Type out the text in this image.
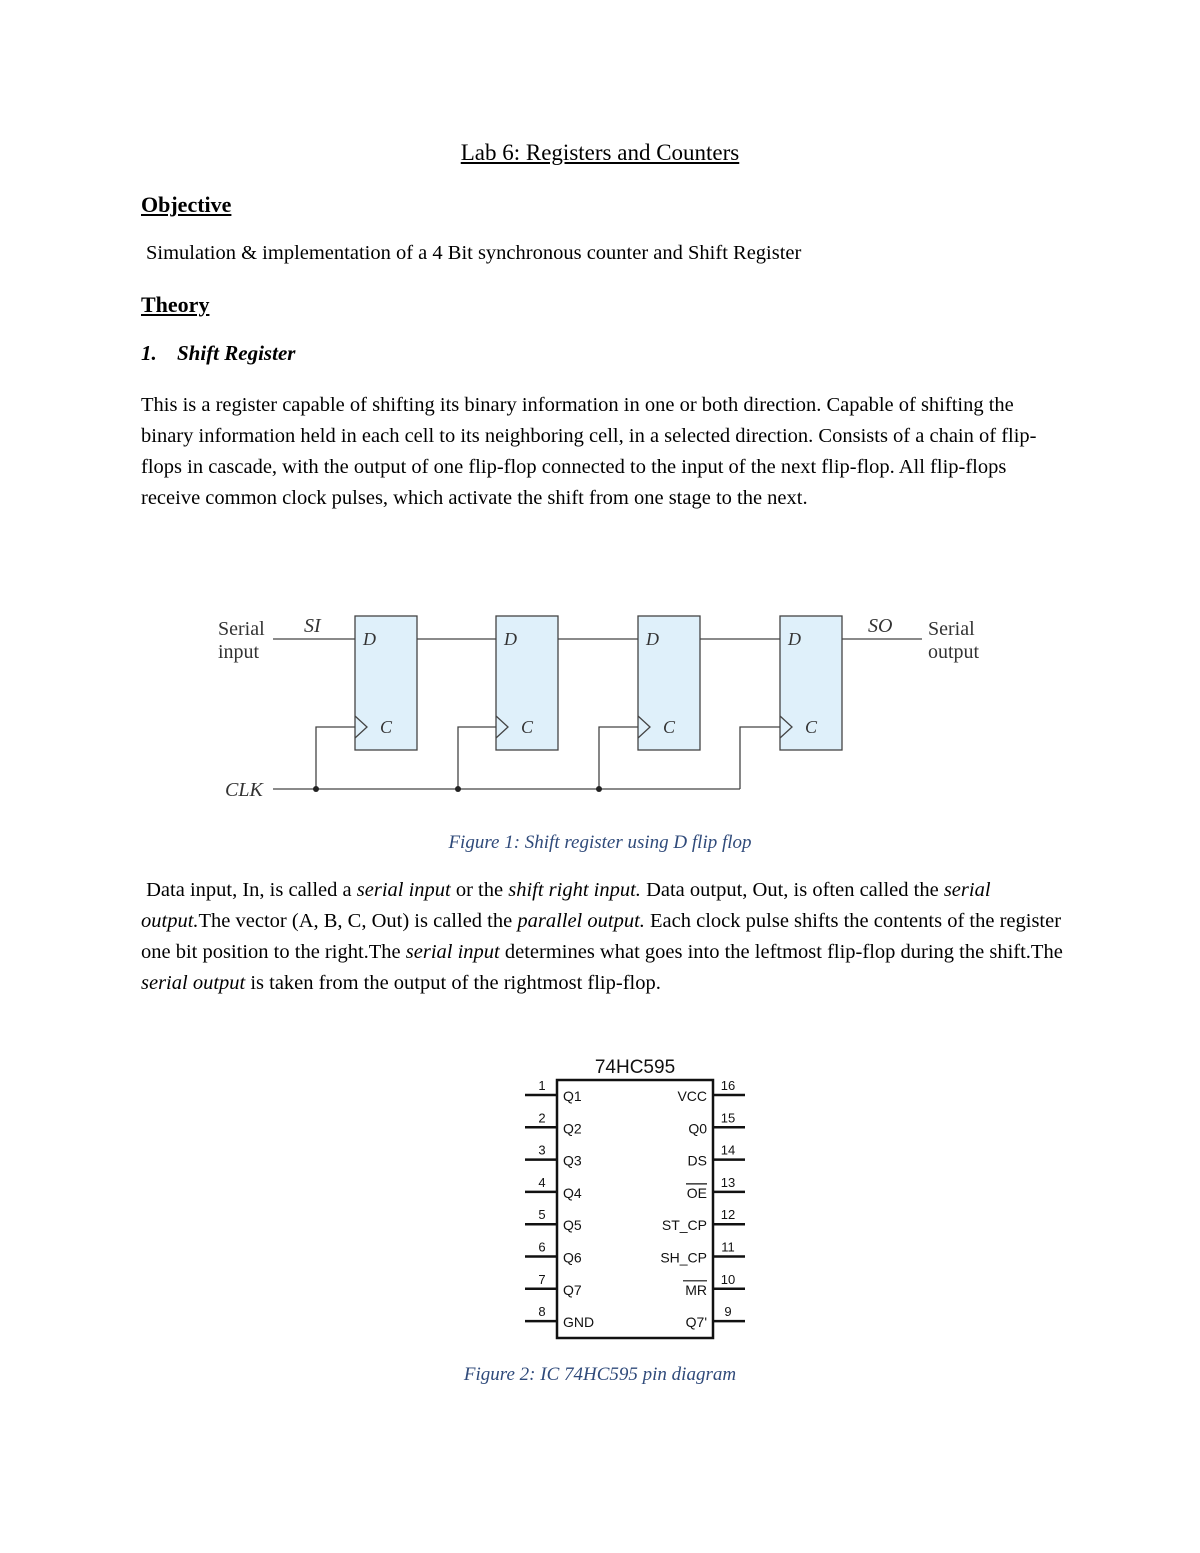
Lab 6: Registers and Counters
Objective
Simulation & implementation of a 4 Bit synchronous counter and Shift Register
Theory
1. Shift Register
This is a register capable of shifting its binary information in one or both direction. Capable of shifting the binary information held in each cell to its neighboring cell, in a selected direction. Consists of a chain of flip-flops in cascade, with the output of one flip-flop connected to the input of the next flip-flop. All flip-flops receive common clock pulses, which activate the shift from one stage to the next.
Serial
input
SI	SO Serial
output
CLK
D	D	D	D
C	C	C	C
Figure 1: Shift register using D flip flop
Data input, In, is called a serial input or the shift right input. Data output, Out, is often called the serial output.The vector (A, B, C, Out) is called the parallel output. Each clock pulse shifts the contents of the register one bit position to the right.The serial input determines what goes into the leftmost flip-flop during the shift.The serial output is taken from the output of the rightmost flip-flop.
74HC595
1
Q1
2
Q2
3
Q3
4
Q4
5
Q5
6
Q6
7
Q7
8
GND
16
VCC
15
Q0
14
DS
13
OE
12
ST_CP
11
SH_CP
10
MR
9
Q7'
Figure 2: IC 74HC595 pin diagram
